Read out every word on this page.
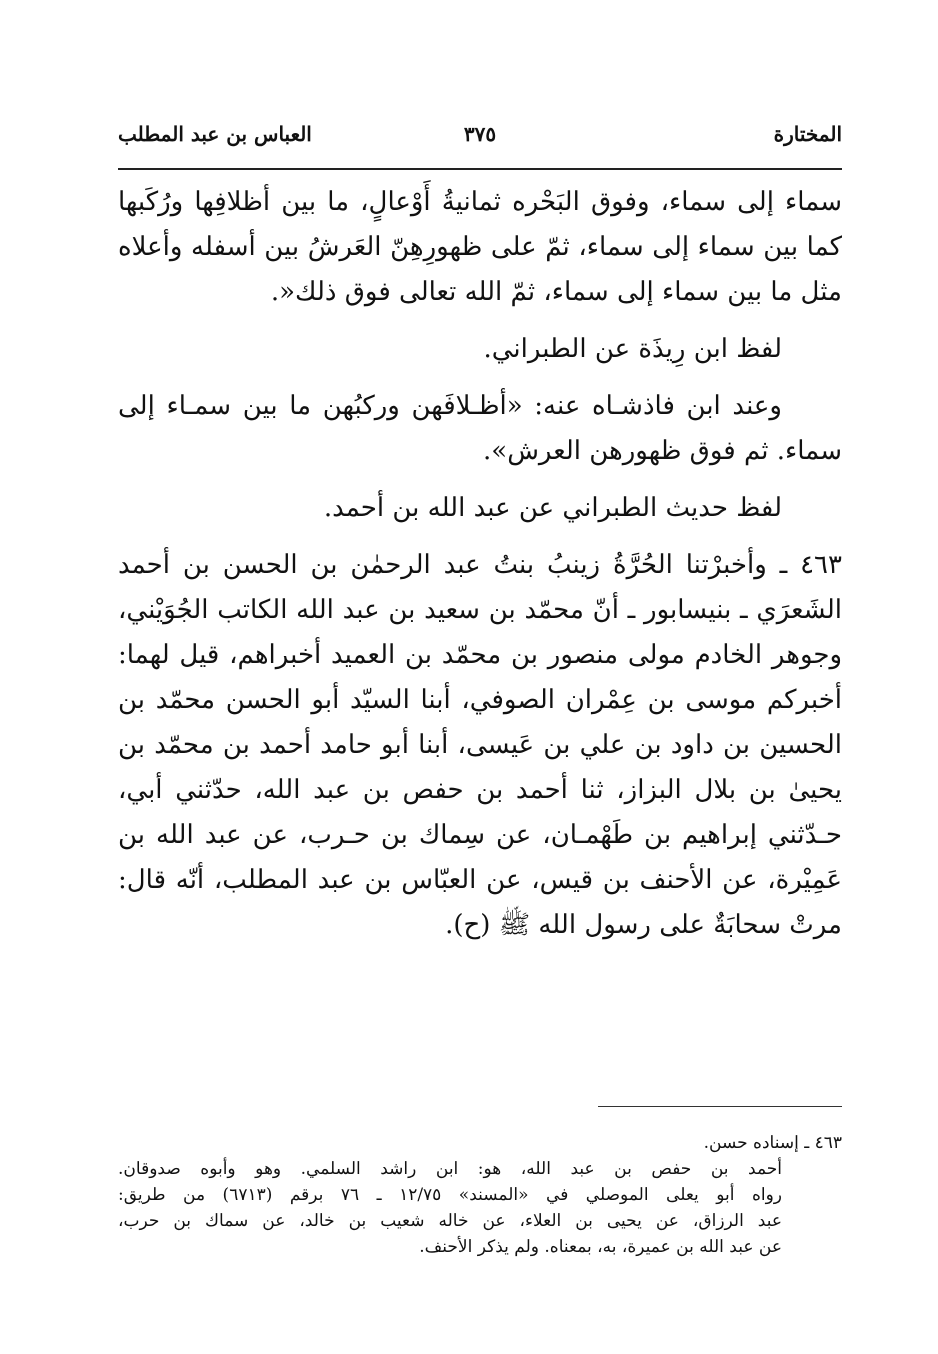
المختارة
٣٧٥
العباس بن عبد المطلب
سماء إلى سماء، وفوق البَحْره ثمانيةُ أَوْعالٍ، ما بين أظلافِها ورُكَبها
كما بين سماء إلى سماء، ثمّ على ظهورِهِنّ العَرشُ بين أسفله وأعلاه
مثل ما بين سماء إلى سماء، ثمّ الله تعالى فوق ذلك«.
لفظ ابن رِيذَة عن الطبراني.
وعند ابن فاذشـاه عنه: «أظـلافَهن وركبُهن ما بين سمـاء إلى
سماء. ثم فوق ظهورهن العرش».
لفظ حديث الطبراني عن عبد الله بن أحمد.
٤٦٣ ـ وأخبرْتنا الحُرَّةُ زينبُ بنتُ عبد الرحمٰن بن الحسن بن أحمد
الشَعرَي ـ بنيسابور ـ أنّ محمّد بن سعيد بن عبد الله الكاتب الجُوَيْني،
وجوهر الخادم مولى منصور بن محمّد بن العميد أخبراهم، قيل لهما:
أخبركم موسى بن عِمْران الصوفي، أبنا السيّد أبو الحسن محمّد بن
الحسين بن داود بن علي بن عَيسى، أبنا أبو حامد أحمد بن محمّد بن
يحيىٰ بن بلال البزاز، ثنا أحمد بن حفص بن عبد الله، حدّثني أبي،
حـدّثني إبراهيم بن طَهْمـان، عن سِماك بن حـرب، عن عبد الله بن
عَمِيْرة، عن الأحنف بن قيس، عن العبّاس بن عبد المطلب، أنّه قال:
مرتْ سحابَةٌ على رسول الله ﷺ (ح).
٤٦٣ ـ إسناده حسن.
أحمد بن حفص بن عبد الله، هو: ابن راشد السلمي. وهو وأبوه صدوقان.
رواه أبو يعلى الموصلي في «المسند» ١٢/٧٥ ـ ٧٦ برقم (٦٧١٣) من طريق:
عبد الرزاق، عن يحيى بن العلاء، عن خاله شعيب بن خالد، عن سماك بن حرب،
عن عبد الله بن عميرة، به، بمعناه. ولم يذكر الأحنف.
